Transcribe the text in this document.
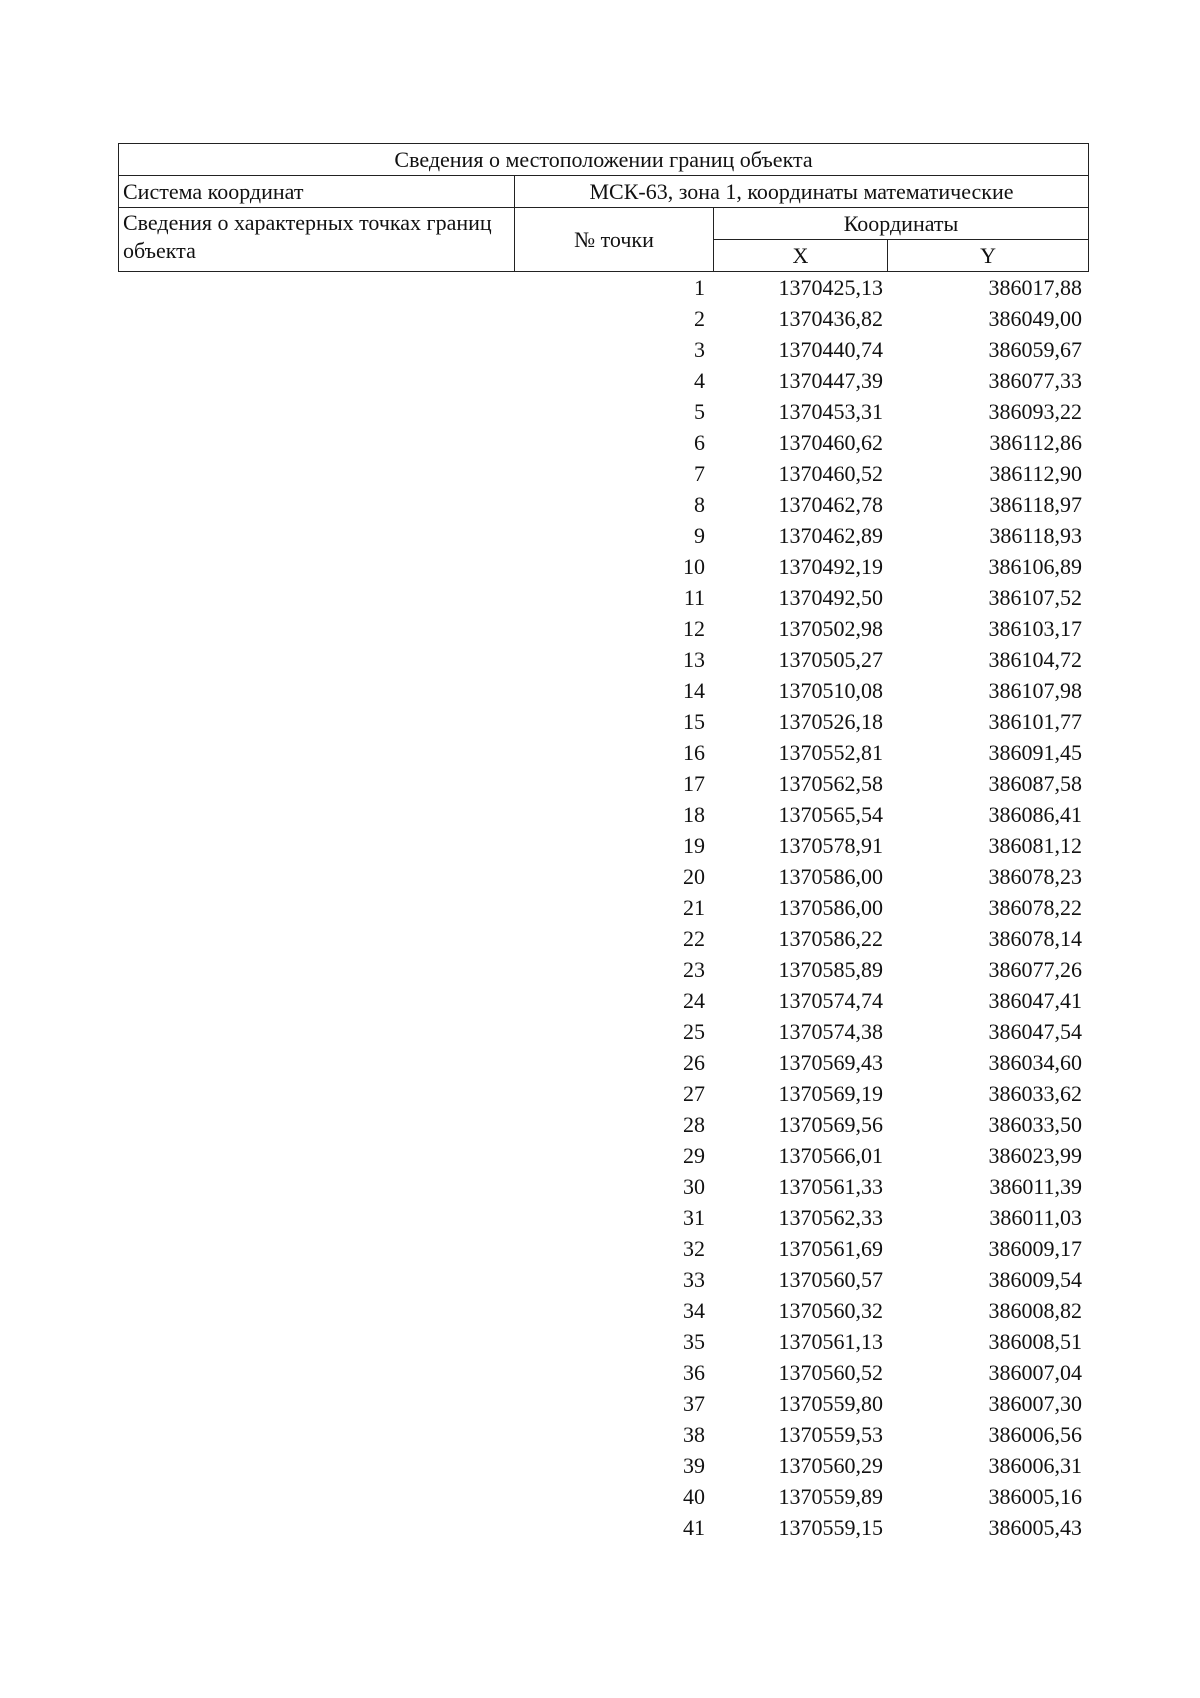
Сведения о местоположении границ объекта			
Система координат	МСК-63, зона 1, координаты математические		
Сведения о характерных точках границ объекта	№ точки	Координаты	
		X	Y
	1	1370425,13	386017,88
	2	1370436,82	386049,00
	3	1370440,74	386059,67
	4	1370447,39	386077,33
	5	1370453,31	386093,22
	6	1370460,62	386112,86
	7	1370460,52	386112,90
	8	1370462,78	386118,97
	9	1370462,89	386118,93
	10	1370492,19	386106,89
	11	1370492,50	386107,52
	12	1370502,98	386103,17
	13	1370505,27	386104,72
	14	1370510,08	386107,98
	15	1370526,18	386101,77
	16	1370552,81	386091,45
	17	1370562,58	386087,58
	18	1370565,54	386086,41
	19	1370578,91	386081,12
	20	1370586,00	386078,23
	21	1370586,00	386078,22
	22	1370586,22	386078,14
	23	1370585,89	386077,26
	24	1370574,74	386047,41
	25	1370574,38	386047,54
	26	1370569,43	386034,60
	27	1370569,19	386033,62
	28	1370569,56	386033,50
	29	1370566,01	386023,99
	30	1370561,33	386011,39
	31	1370562,33	386011,03
	32	1370561,69	386009,17
	33	1370560,57	386009,54
	34	1370560,32	386008,82
	35	1370561,13	386008,51
	36	1370560,52	386007,04
	37	1370559,80	386007,30
	38	1370559,53	386006,56
	39	1370560,29	386006,31
	40	1370559,89	386005,16
	41	1370559,15	386005,43
